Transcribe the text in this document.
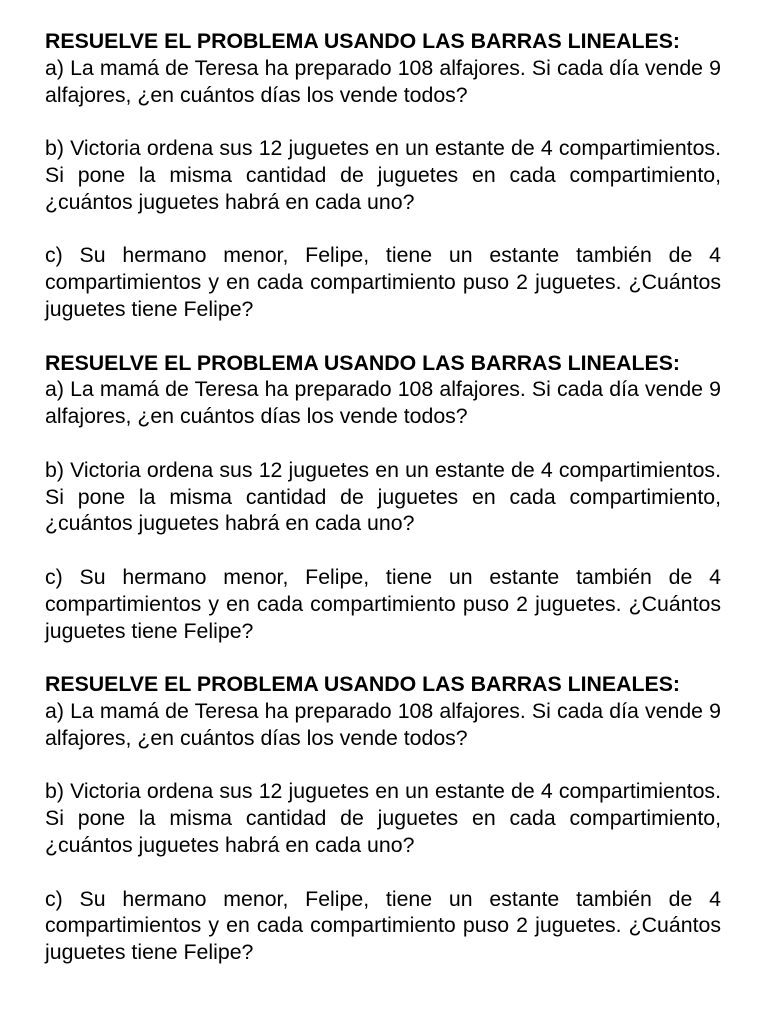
RESUELVE EL PROBLEMA USANDO LAS BARRAS LINEALES:
a) La mamá de Teresa ha preparado 108 alfajores. Si cada día vende 9 alfajores, ¿en cuántos días los vende todos?
b) Victoria ordena sus 12 juguetes en un estante de 4 compartimientos. Si pone la misma cantidad de juguetes en cada compartimiento, ¿cuántos juguetes habrá en cada uno?
c) Su hermano menor, Felipe, tiene un estante también de 4 compartimientos y en cada compartimiento puso 2 juguetes. ¿Cuántos juguetes tiene Felipe?
RESUELVE EL PROBLEMA USANDO LAS BARRAS LINEALES:
a) La mamá de Teresa ha preparado 108 alfajores. Si cada día vende 9 alfajores, ¿en cuántos días los vende todos?
b) Victoria ordena sus 12 juguetes en un estante de 4 compartimientos. Si pone la misma cantidad de juguetes en cada compartimiento, ¿cuántos juguetes habrá en cada uno?
c) Su hermano menor, Felipe, tiene un estante también de 4 compartimientos y en cada compartimiento puso 2 juguetes. ¿Cuántos juguetes tiene Felipe?
RESUELVE EL PROBLEMA USANDO LAS BARRAS LINEALES:
a) La mamá de Teresa ha preparado 108 alfajores. Si cada día vende 9 alfajores, ¿en cuántos días los vende todos?
b) Victoria ordena sus 12 juguetes en un estante de 4 compartimientos. Si pone la misma cantidad de juguetes en cada compartimiento, ¿cuántos juguetes habrá en cada uno?
c) Su hermano menor, Felipe, tiene un estante también de 4 compartimientos y en cada compartimiento puso 2 juguetes. ¿Cuántos juguetes tiene Felipe?
